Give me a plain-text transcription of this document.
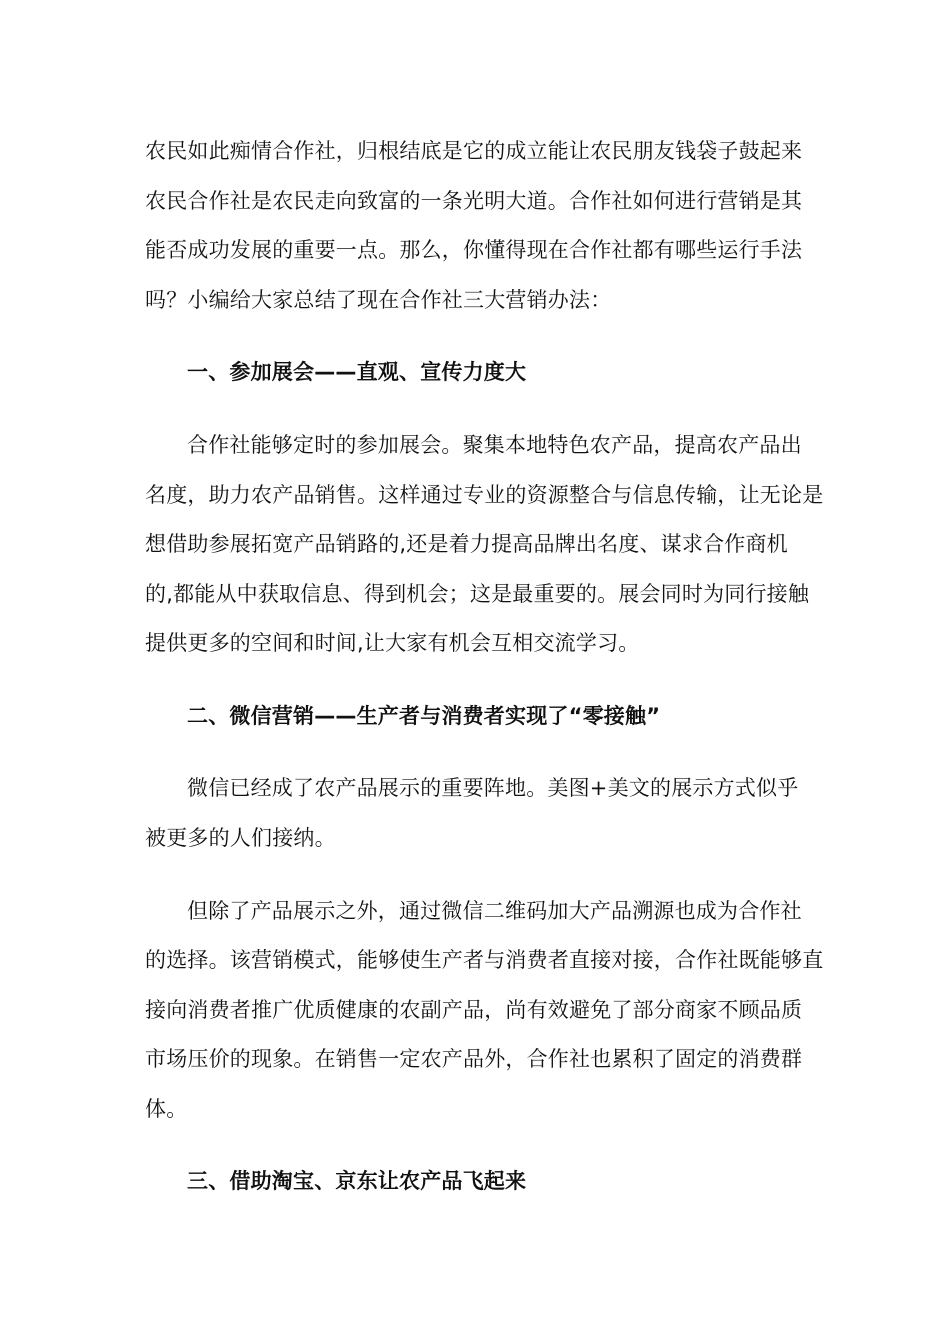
农民如此痴情合作社，归根结底是它的成立能让农民朋友钱袋子鼓起来
农民合作社是农民走向致富的一条光明大道。合作社如何进行营销是其
能否成功发展的重要一点。那么，你懂得现在合作社都有哪些运行手法
吗？小编给大家总结了现在合作社三大营销办法：
一、参加展会——直观、宣传力度大
合作社能够定时的参加展会。聚集本地特色农产品，提高农产品出
名度，助力农产品销售。这样通过专业的资源整合与信息传输，让无论是
想借助参展拓宽产品销路的,还是着力提高品牌出名度、谋求合作商机
的,都能从中获取信息、得到机会；这是最重要的。展会同时为同行接触
提供更多的空间和时间,让大家有机会互相交流学习。
二、微信营销——生产者与消费者实现了“零接触”
微信已经成了农产品展示的重要阵地。美图+美文的展示方式似乎
被更多的人们接纳。
但除了产品展示之外，通过微信二维码加大产品溯源也成为合作社
的选择。该营销模式，能够使生产者与消费者直接对接，合作社既能够直
接向消费者推广优质健康的农副产品，尚有效避免了部分商家不顾品质
市场压价的现象。在销售一定农产品外，合作社也累积了固定的消费群
体。
三、借助淘宝、京东让农产品飞起来
